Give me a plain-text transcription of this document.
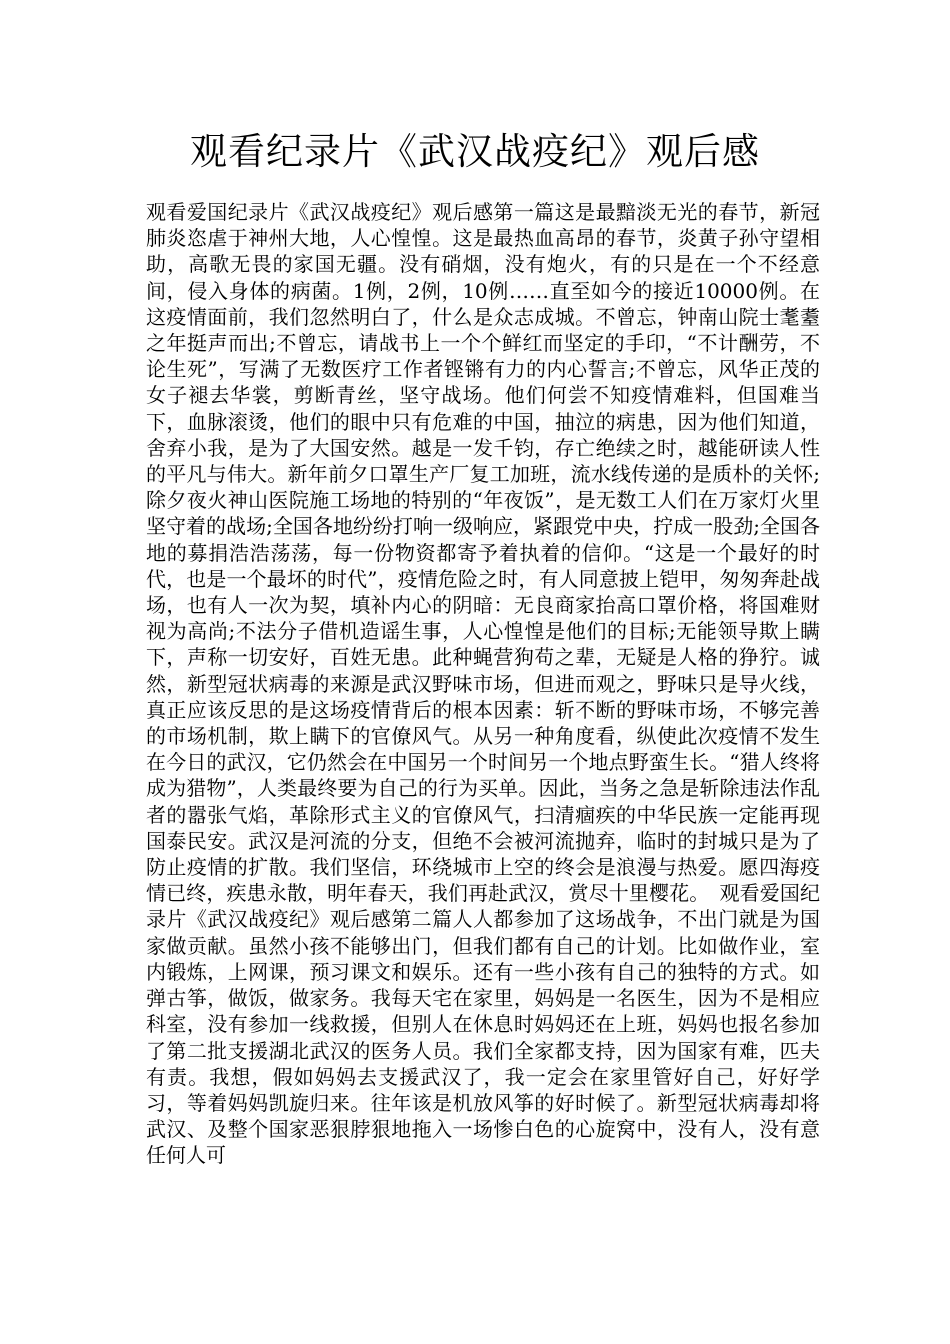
观看纪录片《武汉战疫纪》观后感

观看爱国纪录片《武汉战疫纪》观后感第一篇这是最黯淡无光的春节，新冠肺炎恣虐于神州大地，人心惶惶。这是最热血高昂的春节，炎黄子孙守望相助，高歌无畏的家国无疆。没有硝烟，没有炮火，有的只是在一个不经意间，侵入身体的病菌。1例，2例，10例……直至如今的接近10000例。在这疫情面前，我们忽然明白了，什么是众志成城。不曾忘，钟南山院士耄耋之年挺声而出;不曾忘，请战书上一个个鲜红而坚定的手印，“不计酬劳，不论生死”，写满了无数医疗工作者铿锵有力的内心誓言;不曾忘，风华正茂的女子褪去华裳，剪断青丝，坚守战场。他们何尝不知疫情难料，但国难当下，血脉滚烫，他们的眼中只有危难的中国，抽泣的病患，因为他们知道，舍弃小我，是为了大国安然。越是一发千钧，存亡绝续之时，越能研读人性的平凡与伟大。新年前夕口罩生产厂复工加班，流水线传递的是质朴的关怀;除夕夜火神山医院施工场地的特别的“年夜饭”，是无数工人们在万家灯火里坚守着的战场;全国各地纷纷打响一级响应，紧跟党中央，拧成一股劲;全国各地的募捐浩浩荡荡，每一份物资都寄予着执着的信仰。“这是一个最好的时代，也是一个最坏的时代”，疫情危险之时，有人同意披上铠甲，匆匆奔赴战场，也有人一次为契，填补内心的阴暗：无良商家抬高口罩价格，将国难财视为高尚;不法分子借机造谣生事，人心惶惶是他们的目标;无能领导欺上瞒下，声称一切安好，百姓无患。此种蝇营狗苟之辈，无疑是人格的狰狞。诚然，新型冠状病毒的来源是武汉野味市场，但进而观之，野味只是导火线，真正应该反思的是这场疫情背后的根本因素：斩不断的野味市场，不够完善的市场机制，欺上瞒下的官僚风气。从另一种角度看，纵使此次疫情不发生在今日的武汉，它仍然会在中国另一个时间另一个地点野蛮生长。“猎人终将成为猎物”，人类最终要为自己的行为买单。因此，当务之急是斩除违法作乱者的嚣张气焰，革除形式主义的官僚风气，扫清痼疾的中华民族一定能再现国泰民安。武汉是河流的分支，但绝不会被河流抛弃，临时的封城只是为了防止疫情的扩散。我们坚信，环绕城市上空的终会是浪漫与热爱。愿四海疫情已终，疾患永散，明年春天，我们再赴武汉，赏尽十里樱花。　观看爱国纪录片《武汉战疫纪》观后感第二篇人人都参加了这场战争，不出门就是为国家做贡献。虽然小孩不能够出门，但我们都有自己的计划。比如做作业，室内锻炼，上网课，预习课文和娱乐。还有一些小孩有自己的独特的方式。如弹古筝，做饭，做家务。我每天宅在家里，妈妈是一名医生，因为不是相应科室，没有参加一线救援，但别人在休息时妈妈还在上班，妈妈也报名参加了第二批支援湖北武汉的医务人员。我们全家都支持，因为国家有难，匹夫有责。我想，假如妈妈去支援武汉了，我一定会在家里管好自己，好好学习，等着妈妈凯旋归来。往年该是机放风筝的好时候了。新型冠状病毒却将武汉、及整个国家恶狠脖狠地拖入一场惨白色的心旋窝中，没有人，没有意任何人可
